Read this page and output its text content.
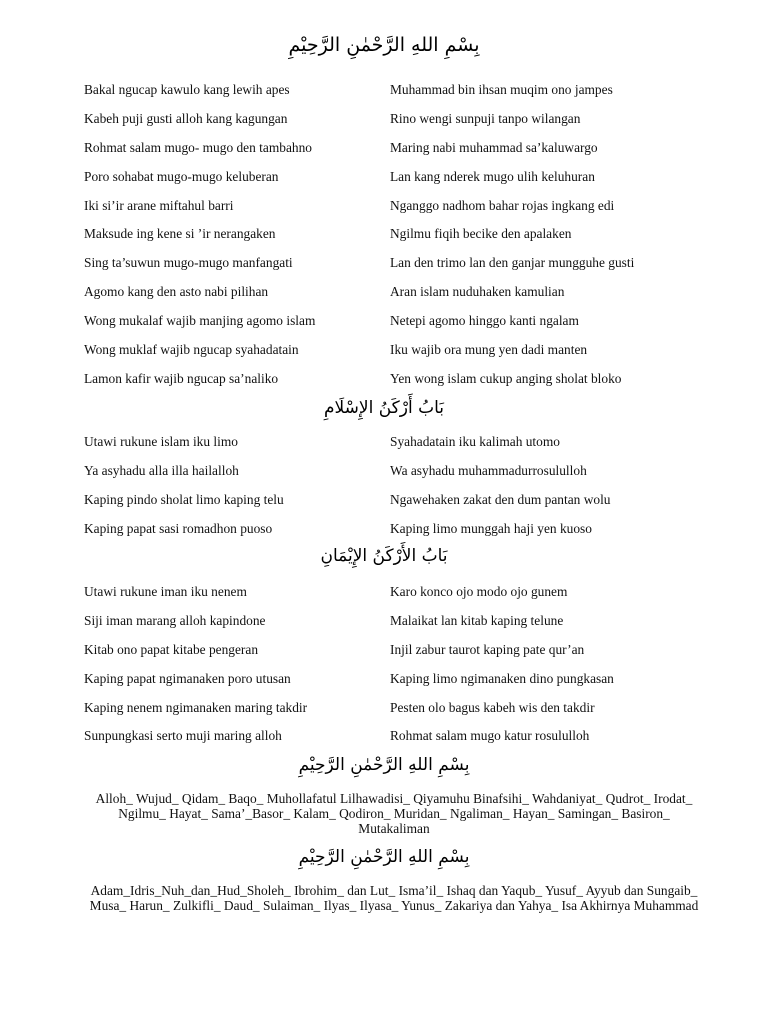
بِسْمِ اللهِ الرَّحْمٰنِ الرَّحِيْمِ
Bakal ngucap kawulo kang lewih apes	Muhammad bin ihsan muqim ono jampes
Kabeh puji gusti alloh kang kagungan	Rino wengi sunpuji tanpo wilangan
Rohmat salam mugo- mugo den tambahno	Maring nabi muhammad sa’kaluwargo
Poro sohabat mugo-mugo keluberan	Lan kang nderek mugo ulih keluhuran
Iki si’ir arane miftahul barri	Nganggo nadhom bahar rojas ingkang edi
Maksude ing kene si ’ir nerangaken	Ngilmu fiqih becike den apalaken
Sing ta’suwun mugo-mugo manfangati	Lan den trimo lan den ganjar mungguhe gusti
Agomo kang den asto nabi pilihan	Aran islam nuduhaken kamulian
Wong mukalaf wajib manjing agomo islam	Netepi agomo hinggo kanti ngalam
Wong muklaf wajib ngucap syahadatain	Iku wajib ora mung yen dadi manten
Lamon kafir wajib ngucap sa’naliko	Yen wong islam cukup anging sholat bloko
بَابُ أَرْكَنُ الإِسْلَامِ
Utawi rukune islam iku limo	Syahadatain iku kalimah utomo
Ya asyhadu alla illa hailalloh	Wa asyhadu muhammadurrosululloh
Kaping pindo sholat limo kaping telu	Ngawehaken zakat den dum pantan wolu
Kaping papat sasi romadhon puoso	Kaping limo munggah haji yen kuoso
بَابُ الأَرْكَنُ الإِيْمَانِ
Utawi rukune iman iku nenem	Karo konco ojo modo ojo gunem
Siji iman marang alloh kapindone	Malaikat lan kitab kaping telune
Kitab ono papat kitabe pengeran	Injil zabur taurot kaping pate qur’an
Kaping papat ngimanaken poro utusan	Kaping limo ngimanaken dino pungkasan
Kaping nenem ngimanaken maring takdir	Pesten olo bagus kabeh wis den takdir
Sunpungkasi serto muji maring alloh	Rohmat salam mugo katur rosululloh
بِسْمِ اللهِ الرَّحْمٰنِ الرَّحِيْمِ
Alloh_ Wujud_ Qidam_ Baqo_ Muhollafatul Lilhawadisi_ Qiyamuhu Binafsihi_ Wahdaniyat_ Qudrot_ Irodat_ Ngilmu_ Hayat_ Sama’_Basor_ Kalam_ Qodiron_ Muridan_ Ngaliman_ Hayan_ Samingan_ Basiron_ Mutakaliman
بِسْمِ اللهِ الرَّحْمٰنِ الرَّحِيْمِ
Adam_Idris_Nuh_dan_Hud_Sholeh_ Ibrohim_ dan Lut_ Isma’il_ Ishaq dan Yaqub_ Yusuf_ Ayyub dan Sungaib_ Musa_ Harun_ Zulkifli_ Daud_ Sulaiman_ Ilyas_ Ilyasa_ Yunus_ Zakariya dan Yahya_ Isa Akhirnya Muhammad
